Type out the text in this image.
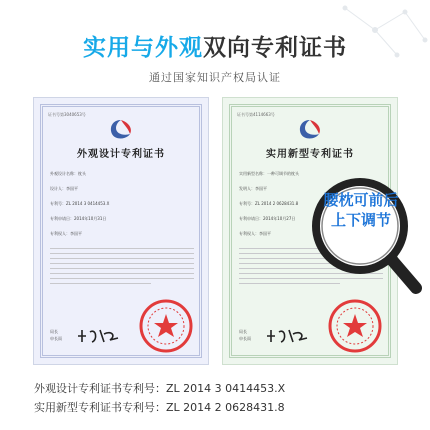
实用与外观双向专利证书
通过国家知识产权局认证
证书号第3040653号
外观设计专利证书
外观设计名称：枕头
设计人：李国平
专利号：ZL 2014 3 0414453.X
专利申请日：2014年10月31日
专利权人：李国平
局长
申长雨
证书号第4114663号
实用新型专利证书
实用新型名称：一种可调节的枕头
发明人：李国平
专利号：ZL 2014 2 0628431.8
专利申请日：2014年10月27日
专利权人：李国平
局长
申长雨
腰枕可前后
上下调节
外观设计专利证书专利号：ZL 2014 3 0414453.X
实用新型专利证书专利号：ZL 2014 2 0628431.8
